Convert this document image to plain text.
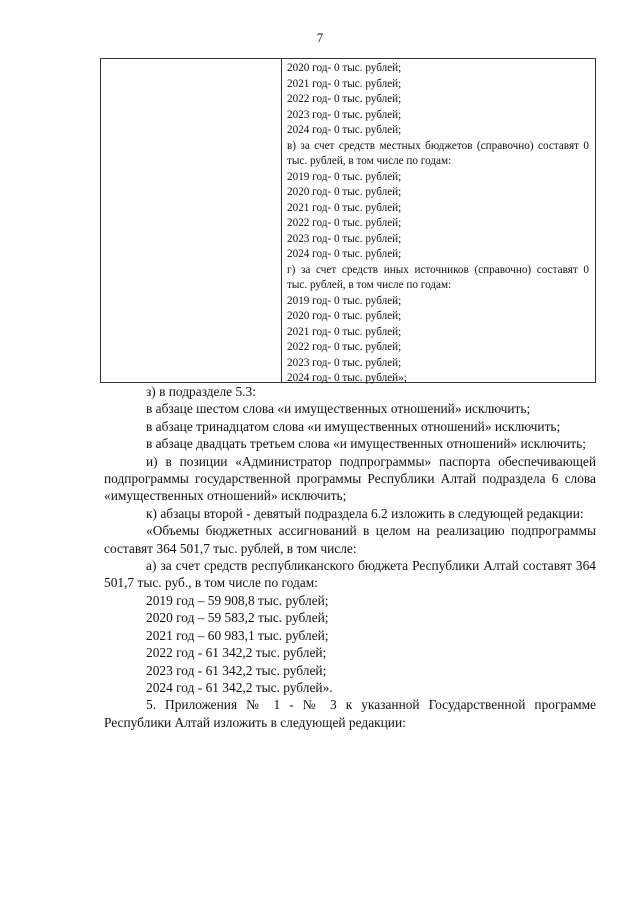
7
2020 год- 0 тыс. рублей;
2021 год- 0 тыс. рублей;
2022 год- 0 тыс. рублей;
2023 год- 0 тыс. рублей;
2024 год- 0 тыс. рублей;
в) за счет средств местных бюджетов (справочно) составят 0 тыс. рублей, в том числе по годам:
2019 год- 0 тыс. рублей;
2020 год- 0 тыс. рублей;
2021 год- 0 тыс. рублей;
2022 год- 0 тыс. рублей;
2023 год- 0 тыс. рублей;
2024 год- 0 тыс. рублей;
г) за счет средств иных источников (справочно) составят 0 тыс. рублей, в том числе по годам:
2019 год- 0 тыс. рублей;
2020 год- 0 тыс. рублей;
2021 год- 0 тыс. рублей;
2022 год- 0 тыс. рублей;
2023 год- 0 тыс. рублей;
2024 год- 0 тыс. рублей»;

з) в подразделе 5.3:

в абзаце шестом слова «и имущественных отношений» исключить;

в абзаце тринадцатом слова «и имущественных отношений» исключить;

в абзаце двадцать третьем слова «и имущественных отношений» исключить;

и) в позиции «Администратор подпрограммы» паспорта обеспечивающей подпрограммы государственной программы Республики Алтай подраздела 6 слова «имущественных отношений» исключить;

к) абзацы второй - девятый подраздела 6.2 изложить в следующей редакции:

«Объемы бюджетных ассигнований в целом на реализацию подпрограммы составят 364 501,7 тыс. рублей, в том числе:

а) за счет средств республиканского бюджета Республики Алтай составят 364 501,7 тыс. руб., в том числе по годам:

2019 год – 59 908,8 тыс. рублей;

2020 год – 59 583,2 тыс. рублей;

2021 год – 60 983,1 тыс. рублей;

2022 год - 61 342,2 тыс. рублей;

2023 год - 61 342,2 тыс. рублей;

2024 год - 61 342,2 тыс. рублей».

5. Приложения № 1 - № 3 к указанной Государственной программе Республики Алтай изложить в следующей редакции:
